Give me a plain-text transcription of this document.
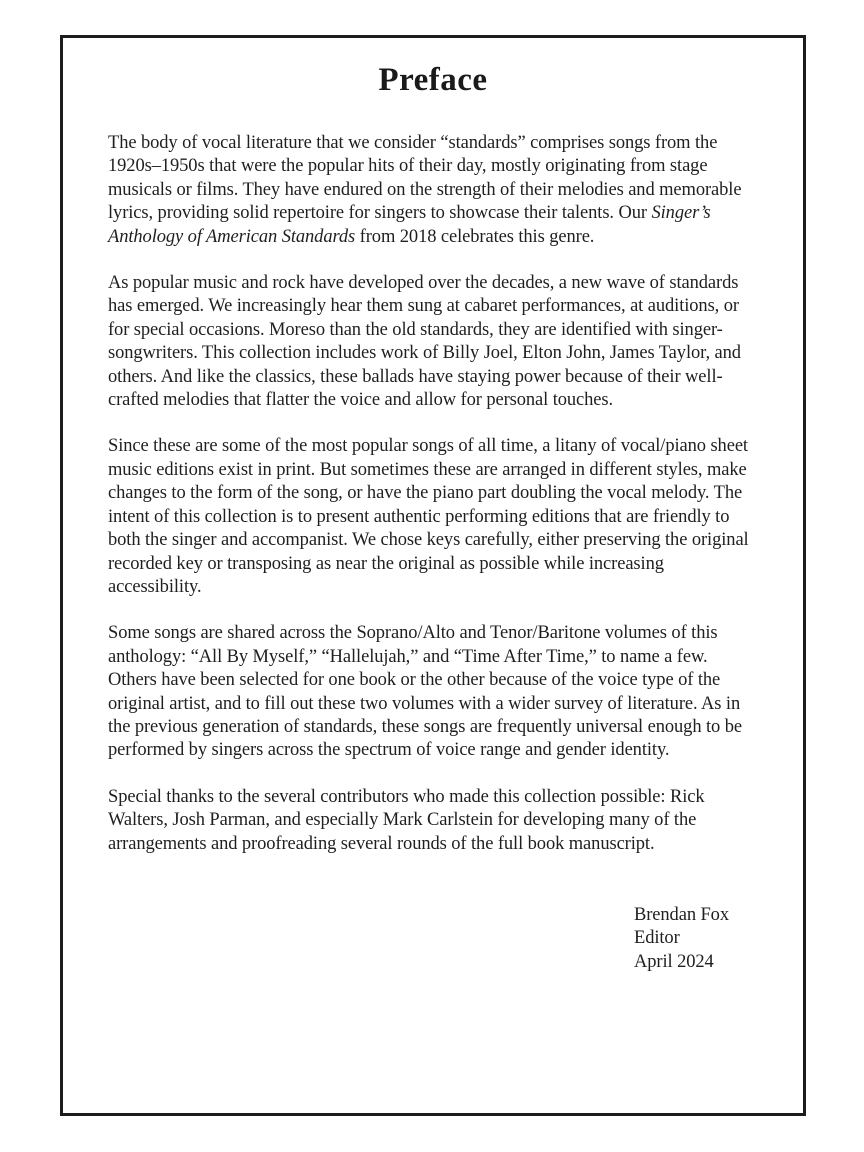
Preface

The body of vocal literature that we consider “standards” comprises songs from the 1920s–1950s that were the popular hits of their day, mostly originating from stage musicals or films. They have endured on the strength of their melodies and memorable lyrics, providing solid repertoire for singers to showcase their talents. Our Singer’s Anthology of American Standards from 2018 celebrates this genre.

As popular music and rock have developed over the decades, a new wave of standards has emerged. We increasingly hear them sung at cabaret performances, at auditions, or for special occasions. Moreso than the old standards, they are identified with singer-songwriters. This collection includes work of Billy Joel, Elton John, James Taylor, and others. And like the classics, these ballads have staying power because of their well-crafted melodies that flatter the voice and allow for personal touches.

Since these are some of the most popular songs of all time, a litany of vocal/piano sheet music editions exist in print. But sometimes these are arranged in different styles, make changes to the form of the song, or have the piano part doubling the vocal melody. The intent of this collection is to present authentic performing editions that are friendly to both the singer and accompanist. We chose keys carefully, either preserving the original recorded key or transposing as near the original as possible while increasing accessibility.

Some songs are shared across the Soprano/Alto and Tenor/Baritone volumes of this anthology: “All By Myself,” “Hallelujah,” and “Time After Time,” to name a few. Others have been selected for one book or the other because of the voice type of the original artist, and to fill out these two volumes with a wider survey of literature. As in the previous generation of standards, these songs are frequently universal enough to be performed by singers across the spectrum of voice range and gender identity.

Special thanks to the several contributors who made this collection possible: Rick Walters, Josh Parman, and especially Mark Carlstein for developing many of the arrangements and proofreading several rounds of the full book manuscript.

Brendan Fox
Editor
April 2024
